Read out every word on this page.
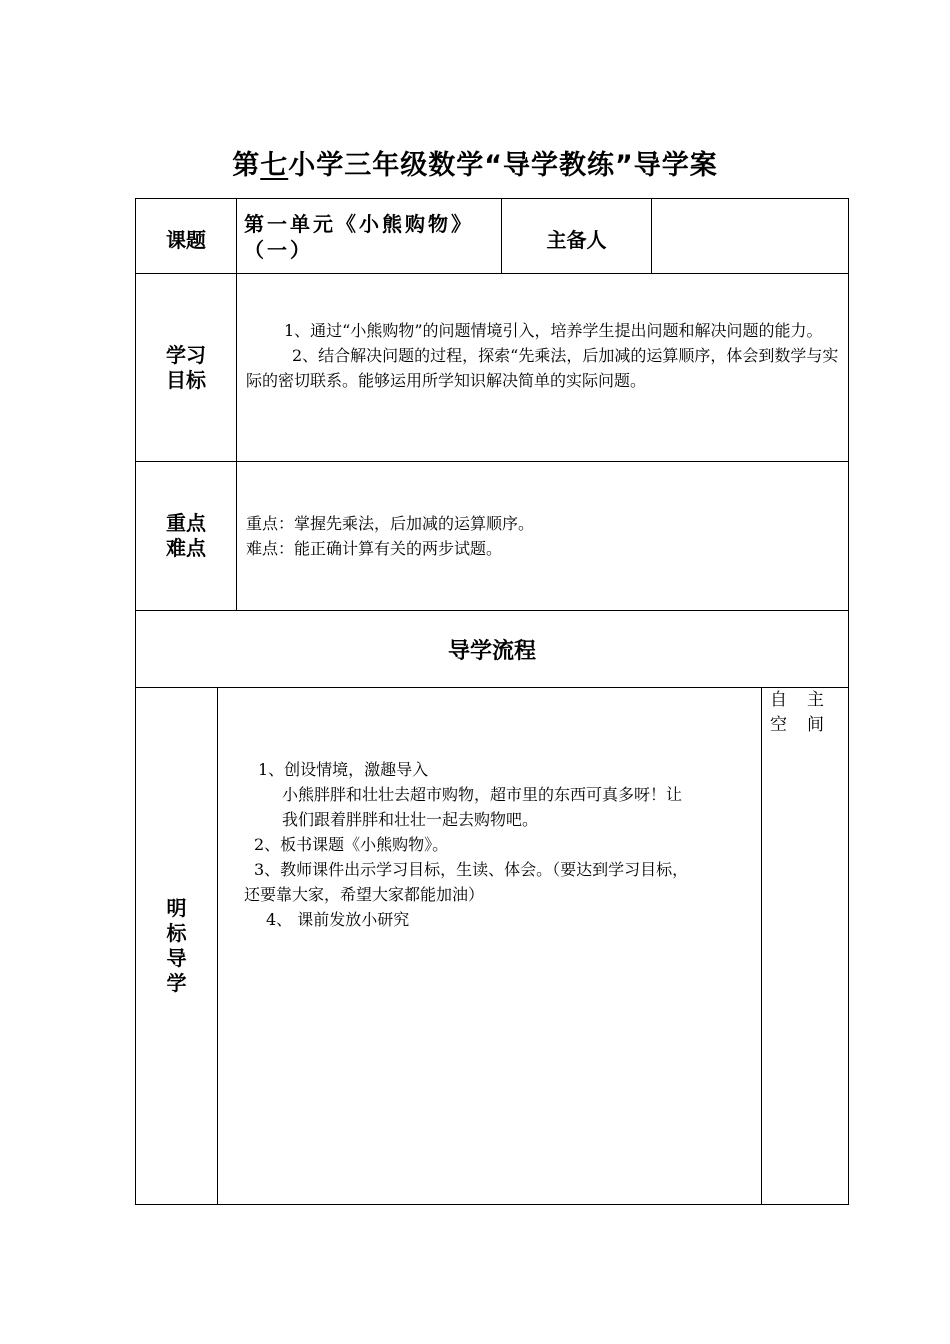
第七小学三年级数学“导学教练”导学案
课题
第一单元《小熊购物》
（一）	主备人
学习
目标
1、通过“小熊购物”的问题情境引入，培养学生提出问题和解决问题的能力。
2、结合解决问题的过程，探索“先乘法，后加减的运算顺序，体会到数学与实际的密切联系。能够运用所学知识解决简单的实际问题。
重点
难点
重点：掌握先乘法，后加减的运算顺序。
难点：能正确计算有关的两步试题。
导学流程
明
标
导
学
1、创设情境，激趣导入
小熊胖胖和壮壮去超市购物，超市里的东西可真多呀！让
我们跟着胖胖和壮壮一起去购物吧。
2、板书课题《小熊购物》。
3、教师课件出示学习目标，生读、体会。（要达到学习目标，
还要靠大家，希望大家都能加油）
4、 课前发放小研究
自 主
空 间
